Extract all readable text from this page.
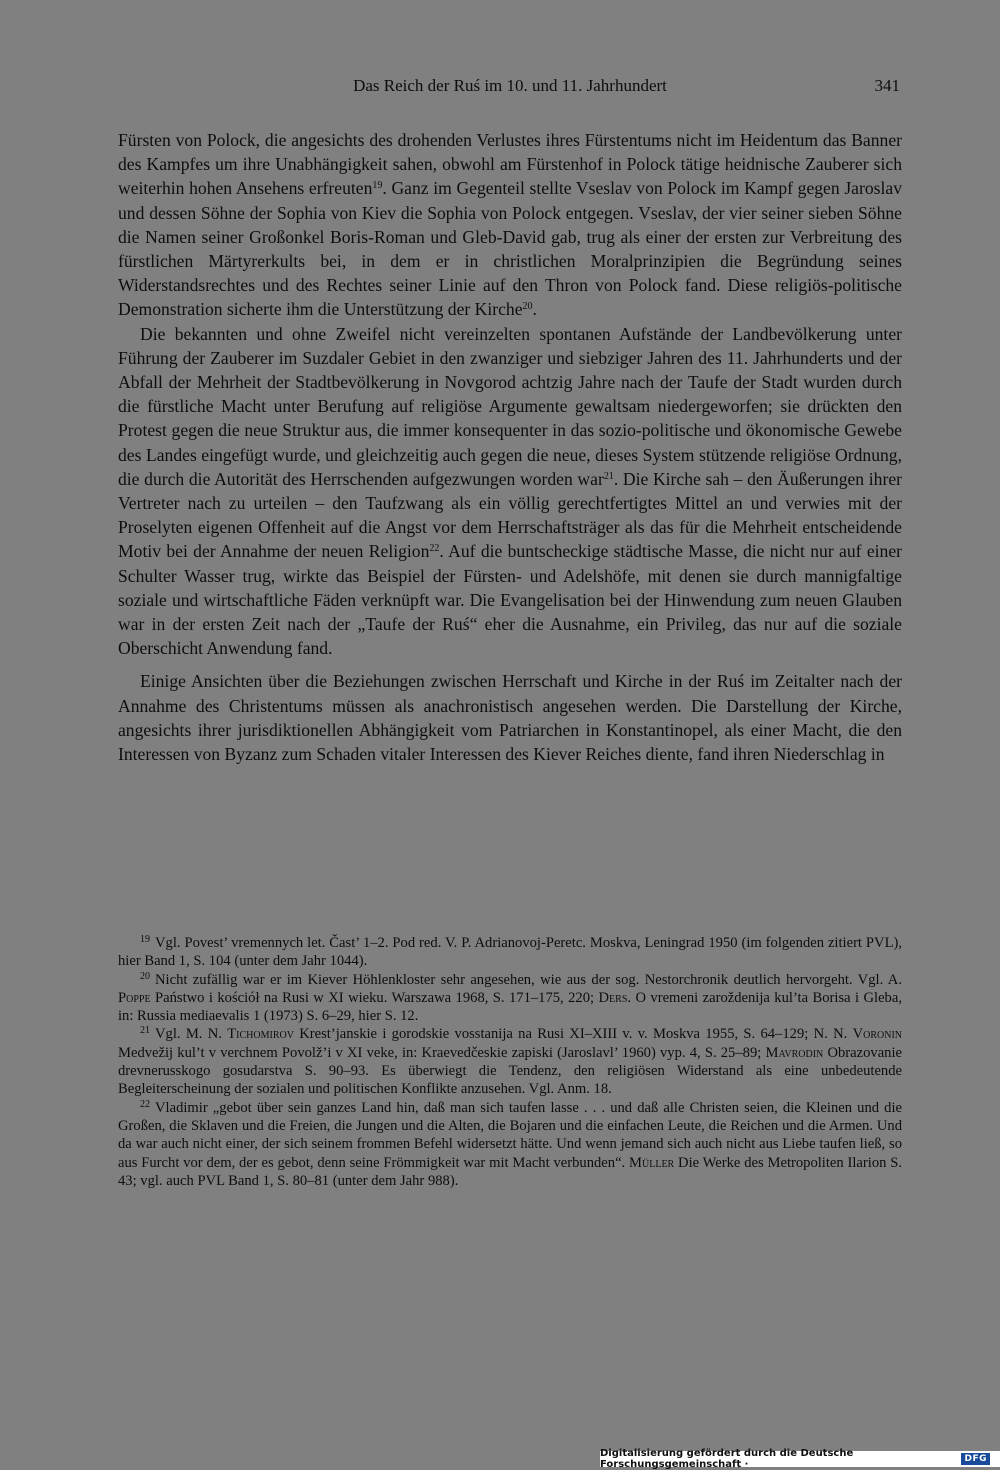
Das Reich der Ruś im 10. und 11. Jahrhundert	341

Fürsten von Polock, die angesichts des drohenden Verlustes ihres Fürstentums nicht im Heidentum das Banner des Kampfes um ihre Unabhängigkeit sahen, obwohl am Fürstenhof in Polock tätige heidnische Zauberer sich weiterhin hohen Ansehens erfreuten$^{19}$. Ganz im Gegenteil stellte Vseslav von Polock im Kampf gegen Jaroslav und dessen Söhne der Sophia von Kiev die Sophia von Polock entgegen. Vseslav, der vier seiner sieben Söhne die Namen seiner Großonkel Boris-Roman und Gleb-David gab, trug als einer der ersten zur Verbreitung des fürstlichen Märtyrerkults bei, in dem er in christlichen Moralprinzipien die Begründung seines Widerstandsrechtes und des Rechtes seiner Linie auf den Thron von Polock fand. Diese religiös-politische Demonstration sicherte ihm die Unterstützung der Kirche$^{20}$.

Die bekannten und ohne Zweifel nicht vereinzelten spontanen Aufstände der Landbevölkerung unter Führung der Zauberer im Suzdaler Gebiet in den zwanziger und siebziger Jahren des 11. Jahrhunderts und der Abfall der Mehrheit der Stadtbevölkerung in Novgorod achtzig Jahre nach der Taufe der Stadt wurden durch die fürstliche Macht unter Berufung auf religiöse Argumente gewaltsam niedergeworfen; sie drückten den Protest gegen die neue Struktur aus, die immer konsequenter in das sozio-politische und ökonomische Gewebe des Landes eingefügt wurde, und gleichzeitig auch gegen die neue, dieses System stützende religiöse Ordnung, die durch die Autorität des Herrschenden aufgezwungen worden war$^{21}$. Die Kirche sah – den Äußerungen ihrer Vertreter nach zu urteilen – den Taufzwang als ein völlig gerechtfertigtes Mittel an und verwies mit der Proselyten eigenen Offenheit auf die Angst vor dem Herrschaftsträger als das für die Mehrheit entscheidende Motiv bei der Annahme der neuen Religion$^{22}$. Auf die buntscheckige städtische Masse, die nicht nur auf einer Schulter Wasser trug, wirkte das Beispiel der Fürsten- und Adelshöfe, mit denen sie durch mannigfaltige soziale und wirtschaftliche Fäden verknüpft war. Die Evangelisation bei der Hinwendung zum neuen Glauben war in der ersten Zeit nach der „Taufe der Ruś“ eher die Ausnahme, ein Privileg, das nur auf die soziale Oberschicht Anwendung fand.

Einige Ansichten über die Beziehungen zwischen Herrschaft und Kirche in der Ruś im Zeitalter nach der Annahme des Christentums müssen als anachronistisch angesehen werden. Die Darstellung der Kirche, angesichts ihrer jurisdiktionellen Abhängigkeit vom Patriarchen in Konstantinopel, als einer Macht, die den Interessen von Byzanz zum Schaden vitaler Interessen des Kiever Reiches diente, fand ihren Niederschlag in

$^{19}$ Vgl. Povest’ vremennych let. Čast’ 1–2. Pod red. V. P. Adrianovoj-Peretc. Moskva, Leningrad 1950 (im folgenden zitiert PVL), hier Band 1, S. 104 (unter dem Jahr 1044).

$^{20}$ Nicht zufällig war er im Kiever Höhlenkloster sehr angesehen, wie aus der sog. Nestorchronik deutlich hervorgeht. Vgl. A. Poppe Państwo i kościół na Rusi w XI wieku. Warszawa 1968, S. 171–175, 220; Ders. O vremeni zaroždenija kul’ta Borisa i Gleba, in: Russia mediaevalis 1 (1973) S. 6–29, hier S. 12.

$^{21}$ Vgl. M. N. Tichomirov Krest’janskie i gorodskie vosstanija na Rusi XI–XIII v. v. Moskva 1955, S. 64–129; N. N. Voronin Medvežij kul’t v verchnem Povolž’i v XI veke, in: Kraevedčeskie zapiski (Jaroslavl’ 1960) vyp. 4, S. 25–89; Mavrodin Obrazovanie drevnerusskogo gosudarstva S. 90–93. Es überwiegt die Tendenz, den religiösen Widerstand als eine unbedeutende Begleiterscheinung der sozialen und politischen Konflikte anzusehen. Vgl. Anm. 18.

$^{22}$ Vladimir „gebot über sein ganzes Land hin, daß man sich taufen lasse . . . und daß alle Christen seien, die Kleinen und die Großen, die Sklaven und die Freien, die Jungen und die Alten, die Bojaren und die einfachen Leute, die Reichen und die Armen. Und da war auch nicht einer, der sich seinem frommen Befehl widersetzt hätte. Und wenn jemand sich auch nicht aus Liebe taufen ließ, so aus Furcht vor dem, der es gebot, denn seine Frömmigkeit war mit Macht verbunden“. Müller Die Werke des Metropoliten Ilarion S. 43; vgl. auch PVL Band 1, S. 80–81 (unter dem Jahr 988).

Digitalisierung gefördert durch die Deutsche Forschungsgemeinschaft ·	DFG
